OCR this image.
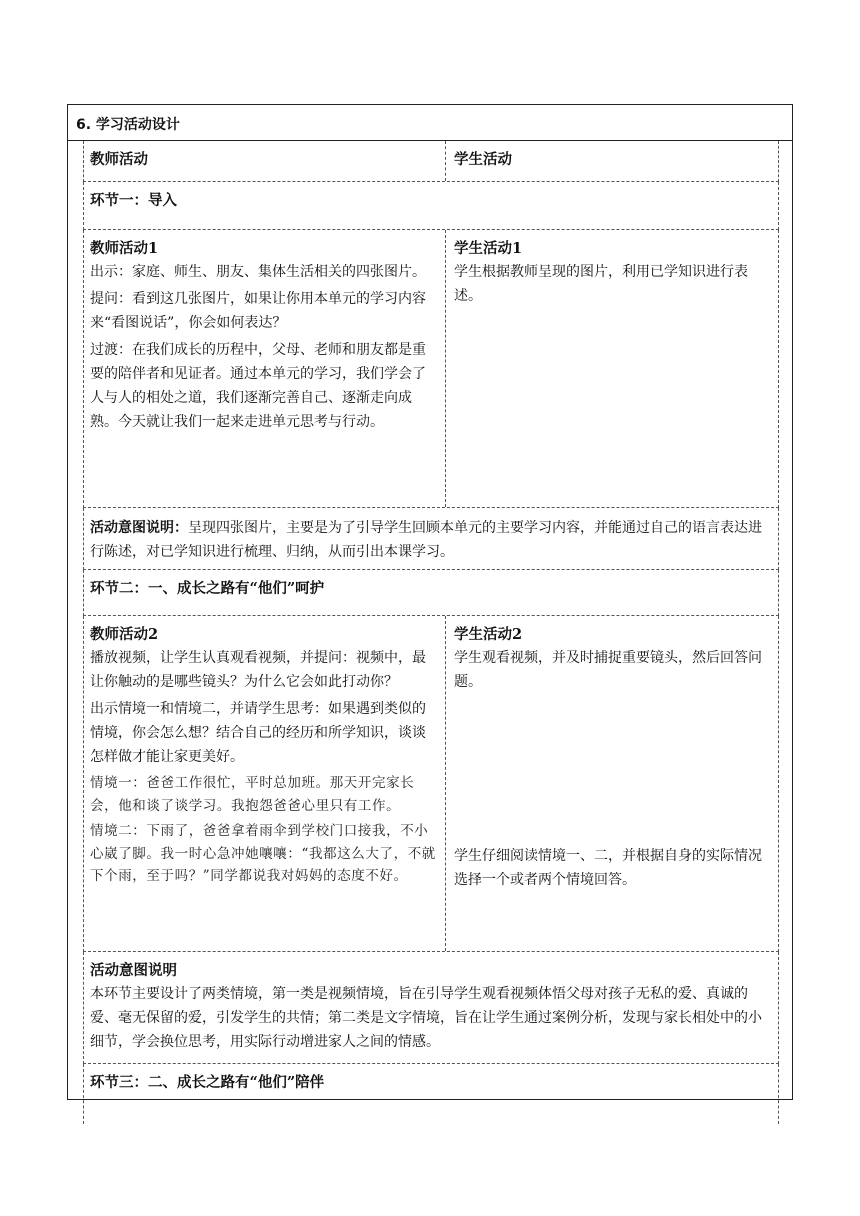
6. 学习活动设计
教师活动	学生活动
环节一：导入
教师活动1

出示：家庭、师生、朋友、集体生活相关的四张图片。

提问：看到这几张图片，如果让你用本单元的学习内容来“看图说话”，你会如何表达？

过渡：在我们成长的历程中，父母、老师和朋友都是重要的陪伴者和见证者。通过本单元的学习，我们学会了人与人的相处之道，我们逐渐完善自己、逐渐走向成熟。今天就让我们一起来走进单元思考与行动。

学生活动1

学生根据教师呈现的图片，利用已学知识进行表述。

活动意图说明：呈现四张图片，主要是为了引导学生回顾本单元的主要学习内容，并能通过自己的语言表达进行陈述，对已学知识进行梳理、归纳，从而引出本课学习。

环节二：一、成长之路有“他们”呵护
教师活动2

播放视频，让学生认真观看视频，并提问：视频中，最让你触动的是哪些镜头？为什么它会如此打动你？

出示情境一和情境二，并请学生思考：如果遇到类似的情境，你会怎么想？结合自己的经历和所学知识，谈谈怎样做才能让家更美好。

情境一：爸爸工作很忙，平时总加班。那天开完家长会，他和谈了谈学习。我抱怨爸爸心里只有工作。

情境二：下雨了，爸爸拿着雨伞到学校门口接我，不小心崴了脚。我一时心急冲她嚷嚷：“我都这么大了，不就下个雨，至于吗？”同学都说我对妈妈的态度不好。

学生活动2

学生观看视频，并及时捕捉重要镜头，然后回答问题。

学生仔细阅读情境一、二，并根据自身的实际情况选择一个或者两个情境回答。

活动意图说明

本环节主要设计了两类情境，第一类是视频情境，旨在引导学生观看视频体悟父母对孩子无私的爱、真诚的爱、毫无保留的爱，引发学生的共情；第二类是文字情境，旨在让学生通过案例分析，发现与家长相处中的小细节，学会换位思考，用实际行动增进家人之间的情感。

环节三：二、成长之路有“他们”陪伴
